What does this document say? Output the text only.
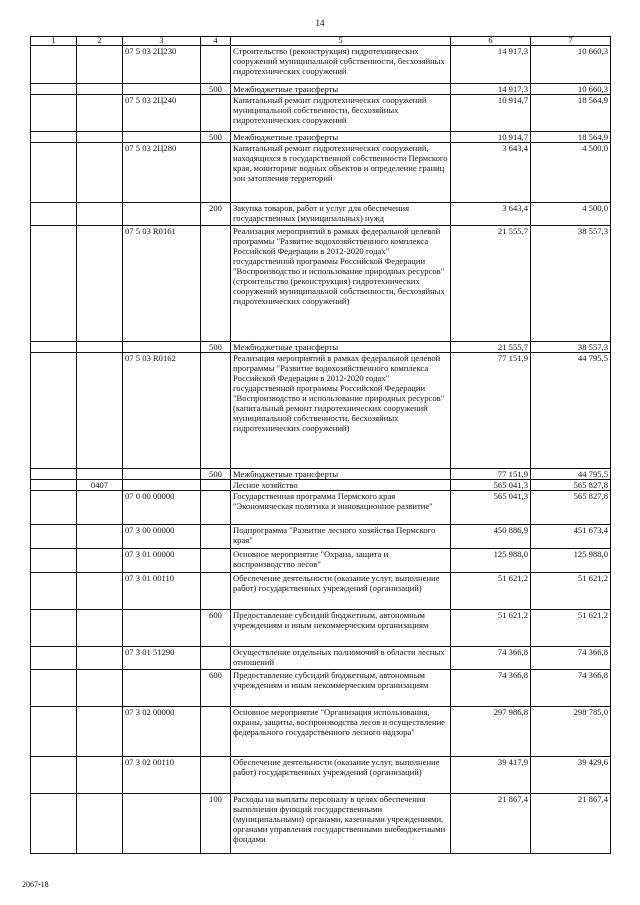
14
1	2	3	4	5	6	7
		07 5 03 2Ц230		Строительство (реконструкция) гидротехнических сооружений муниципальной собственности, бесхозяйных гидротехнических сооружений	14 917,3	10 660,3
			500	Межбюджетные трансферты	14 917,3	10 660,3
		07 5 03 2Ц240		Капитальный ремонт гидротехнических сооружений муниципальной собственности, бесхозяйных гидротехнических сооружений	10 914,7	18 564,9
			500	Межбюджетные трансферты	10 914,7	18 564,9
		07 5 03 2Ц280		Капитальный ремонт гидротехнических сооружений, находящихся в государственной собственности Пермского края, мониторинг водных объектов и определение границ зон затопления территорий	3 643,4	4 500,0
			200	Закупка товаров, работ и услуг для обеспечения государственных (муниципальных) нужд	3 643,4	4 500,0
		07 5 03 R0161		Реализация мероприятий в рамках федеральной целевой программы "Развитие водохозяйственного комплекса Российской Федерации в 2012-2020 годах" государственной программы Российской Федерации "Воспроизводство и использование природных ресурсов" (строительство (реконструкция) гидротехнических сооружений муниципальной собственности, бесхозяйных гидротехнических сооружений)	21 555,7	38 557,3
			500	Межбюджетные трансферты	21 555,7	38 557,3
		07 5 03 R0162		Реализация мероприятий в рамках федеральной целевой программы "Развитие водохозяйственного комплекса Российской Федерации в 2012-2020 годах" государственной программы Российской Федерации "Воспроизводство и использование природных ресурсов" (капитальный ремонт гидротехнических сооружений муниципальной собственности, бесхозяйных гидротехнических сооружений)	77 151,9	44 795,5
			500	Межбюджетные трансферты	77 151,9	44 795,5
	0407			Лесное хозяйство	565 041,3	565 827,8
		07 0 00 00000		Государственная программа Пермского края "Экономическая политика и инновационное развитие"	565 041,3	565 827,8
		07 3 00 00000		Подпрограмма "Развитие лесного хозяйства Пермского края"	450 886,9	451 673,4
		07 3 01 00000		Основное мероприятие "Охрана, защита и воспроизводство лесов"	125 988,0	125 988,0
		07 3 01 00110		Обеспечение деятельности (оказание услуг, выполнение работ) государственных учреждений (организаций)	51 621,2	51 621,2
			600	Предоставление субсидий бюджетным, автономным учреждениям и иным некоммерческим организациям	51 621,2	51 621,2
		07 3 01 51290		Осуществление отдельных полномочий в области лесных отношений	74 366,8	74 366,8
			600	Предоставление субсидий бюджетным, автономным учреждениям и иным некоммерческим организациям	74 366,8	74 366,8
		07 3 02 00000		Основное мероприятие "Организация использования, охраны, защиты, воспроизводства лесов и осуществление федерального государственного лесного надзора"	297 986,8	298 785,0
		07 3 02 00110		Обеспечение деятельности (оказание услуг, выполнение работ) государственных учреждений (организаций)	39 417,9	39 429,6
			100	Расходы на выплаты персоналу в целях обеспечения выполнения функций государственными (муниципальными) органами, казенными учреждениями, органами управления государственными внебюджетными фондами	21 867,4	21 867,4
2067-18
